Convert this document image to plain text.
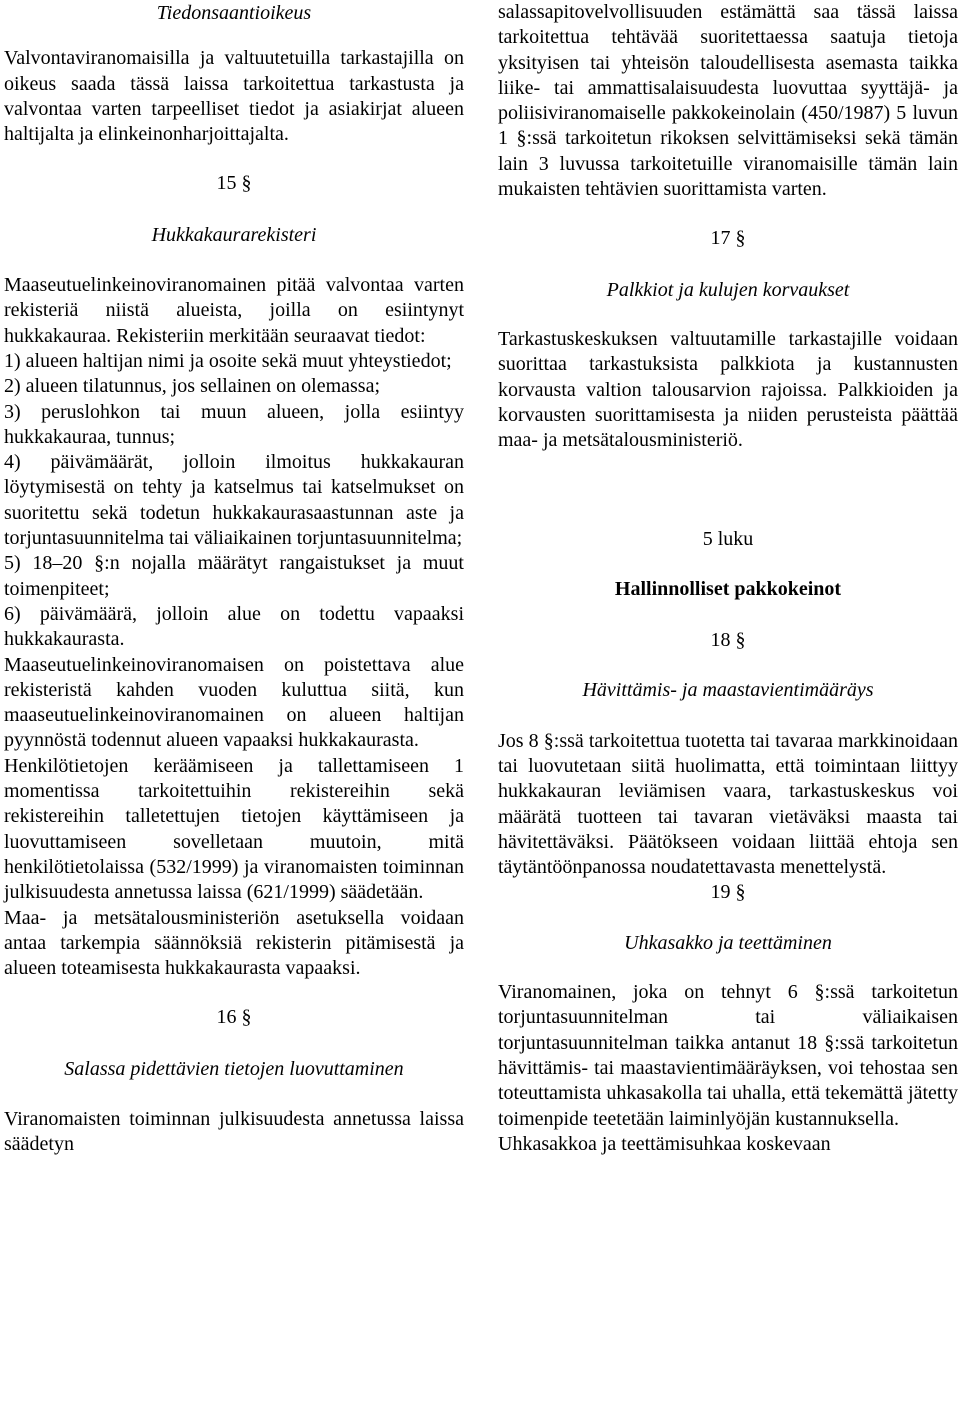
Tiedonsaantioikeus

Valvontaviranomaisilla ja valtuutetuilla tarkastajilla on oikeus saada tässä laissa tarkoitettua tarkastusta ja valvontaa varten tarpeelliset tiedot ja asiakirjat alueen haltijalta ja elinkeinonharjoittajalta.

15 §

Hukkakaurarekisteri

Maaseutuelinkeinoviranomainen pitää valvontaa varten rekisteriä niistä alueista, joilla on esiintynyt hukkakauraa. Rekisteriin merkitään seuraavat tiedot:

1) alueen haltijan nimi ja osoite sekä muut yhteystiedot;

2) alueen tilatunnus, jos sellainen on olemassa;

3) peruslohkon tai muun alueen, jolla esiintyy hukkakauraa, tunnus;

4) päivämäärät, jolloin ilmoitus hukkakauran löytymisestä on tehty ja katselmus tai katselmukset on suoritettu sekä todetun hukkakaurasaastunnan aste ja torjuntasuunnitelma tai väliaikainen torjuntasuunnitelma;

5) 18–20 §:n nojalla määrätyt rangaistukset ja muut toimenpiteet;

6) päivämäärä, jolloin alue on todettu vapaaksi hukkakaurasta.

Maaseutuelinkeinoviranomaisen on poistettava alue rekisteristä kahden vuoden kuluttua siitä, kun maaseutuelinkeinoviranomainen on alueen haltijan pyynnöstä todennut alueen vapaaksi hukkakaurasta.

Henkilötietojen keräämiseen ja tallettamiseen 1 momentissa tarkoitettuihin rekistereihin sekä rekistereihin talletettujen tietojen käyttämiseen ja luovuttamiseen sovelletaan muutoin, mitä henkilötietolaissa (532/1999) ja viranomaisten toiminnan julkisuudesta annetussa laissa (621/1999) säädetään.

Maa- ja metsätalousministeriön asetuksella voidaan antaa tarkempia säännöksiä rekisterin pitämisestä ja alueen toteamisesta hukkakaurasta vapaaksi.

16 §

Salassa pidettävien tietojen luovuttaminen

Viranomaisten toiminnan julkisuudesta annetussa laissa säädetyn

salassapitovelvollisuuden estämättä saa tässä laissa tarkoitettua tehtävää suoritettaessa saatuja tietoja yksityisen tai yhteisön taloudellisesta asemasta taikka liike- tai ammattisalaisuudesta luovuttaa syyttäjä- ja poliisiviranomaiselle pakkokeinolain (450/1987) 5 luvun 1 §:ssä tarkoitetun rikoksen selvittämiseksi sekä tämän lain 3 luvussa tarkoitetuille viranomaisille tämän lain mukaisten tehtävien suorittamista varten.

17 §

Palkkiot ja kulujen korvaukset

Tarkastuskeskuksen valtuutamille tarkastajille voidaan suorittaa tarkastuksista palkkiota ja kustannusten korvausta valtion talousarvion rajoissa. Palkkioiden ja korvausten suorittamisesta ja niiden perusteista päättää maa- ja metsätalousministeriö.

5 luku

Hallinnolliset pakkokeinot

18 §

Hävittämis- ja maastavientimääräys

Jos 8 §:ssä tarkoitettua tuotetta tai tavaraa markkinoidaan tai luovutetaan siitä huolimatta, että toimintaan liittyy hukkakauran leviämisen vaara, tarkastuskeskus voi määrätä tuotteen tai tavaran vietäväksi maasta tai hävitettäväksi. Päätökseen voidaan liittää ehtoja sen täytäntöönpanossa noudatettavasta menettelystä.

19 §

Uhkasakko ja teettäminen

Viranomainen, joka on tehnyt 6 §:ssä tarkoitetun torjuntasuunnitelman tai väliaikaisen torjuntasuunnitelman taikka antanut 18 §:ssä tarkoitetun hävittämis- tai maastavientimääräyksen, voi tehostaa sen toteuttamista uhkasakolla tai uhalla, että tekemättä jätetty toimenpide teetetään laiminlyöjän kustannuksella.

Uhkasakkoa ja teettämisuhkaa koskevaan
